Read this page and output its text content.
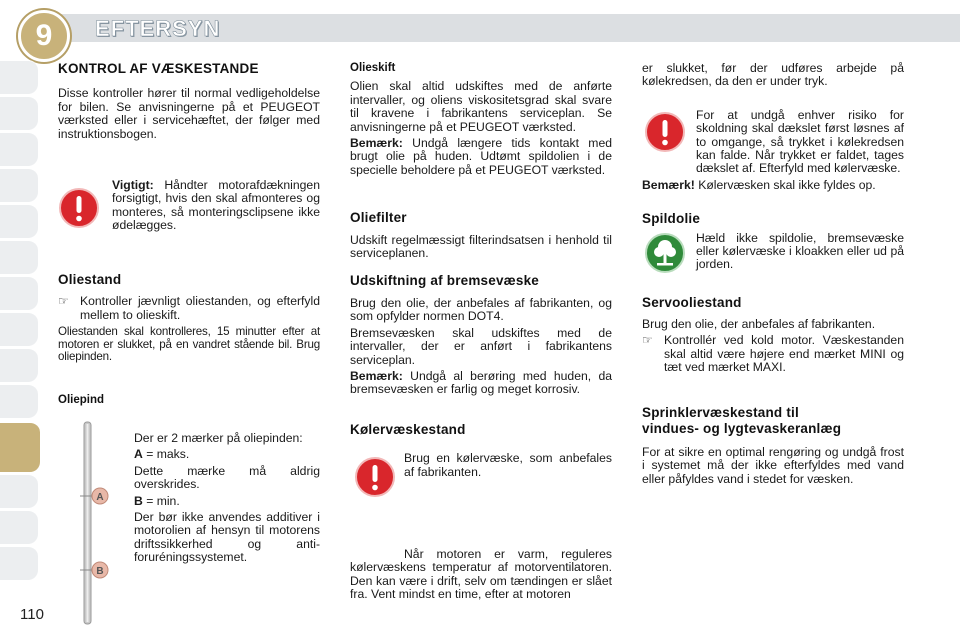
9	EFTERSYN
110
KONTROL AF VÆSKESTANDE

Disse kontroller hører til normal vedligeholdelse for bilen. Se anvisningerne på et PEUGEOT værksted eller i servicehæftet, der følger med instruktionsbogen.

Vigtigt: Håndter motorafdækningen forsigtigt, hvis den skal afmonteres og monteres, så monteringsclipsene ikke ødelægges.

Oliestand
☞ Kontroller jævnligt oliestanden, og efterfyld mellem to olieskift.

Oliestanden skal kontrolleres, 15 minutter efter at motoren er slukket, på en vandret stående bil. Brug oliepinden.

Oliepind
A
B

Der er 2 mærker på oliepinden:

A = maks.

Dette mærke må aldrig overskrides.

B = min.

Der bør ikke anvendes additiver i motorolien af hensyn til motorens driftssikkerhed og anti-foruréningssystemet.

Olieskift

Olien skal altid udskiftes med de anførte intervaller, og oliens viskositetsgrad skal svare til kravene i fabrikantens serviceplan. Se anvisningerne på et PEUGEOT værksted.

Bemærk: Undgå længere tids kontakt med brugt olie på huden. Udtømt spildolien i de specielle beholdere på et PEUGEOT værksted.

Oliefilter

Udskift regelmæssigt filterindsatsen i henhold til serviceplanen.

Udskiftning af bremsevæske

Brug den olie, der anbefales af fabrikanten, og som opfylder normen DOT4.

Bremsevæsken skal udskiftes med de intervaller, der er anført i fabrikantens serviceplan.

Bemærk: Undgå al berøring med huden, da bremsevæsken er farlig og meget korrosiv.

Kølervæskestand

Brug en kølervæske, som anbefales af fabrikanten.

Når motoren er varm, reguleres kølervæskens temperatur af motorventilatoren. Den kan være i drift, selv om tændingen er slået fra. Vent mindst en time, efter at motoren

er slukket, før der udføres arbejde på kølekredsen, da den er under tryk.

For at undgå enhver risiko for skoldning skal dækslet først løsnes af to omgange, så trykket i kølekredsen kan falde. Når trykket er faldet, tages dækslet af. Efterfyld med kølervæske.

Bemærk! Kølervæsken skal ikke fyldes op.

Spildolie

Hæld ikke spildolie, bremsevæske eller kølervæske i kloakken eller ud på jorden.

Servooliestand

Brug den olie, der anbefales af fabrikanten.

☞ Kontrollér ved kold motor. Væskestanden skal altid være højere end mærket MINI og tæt ved mærket MAXI.
Sprinklervæskestand til
vindues- og lygtevaskeranlæg

For at sikre en optimal rengøring og undgå frost i systemet må der ikke efterfyldes med vand eller påfyldes vand i stedet for væsken.
